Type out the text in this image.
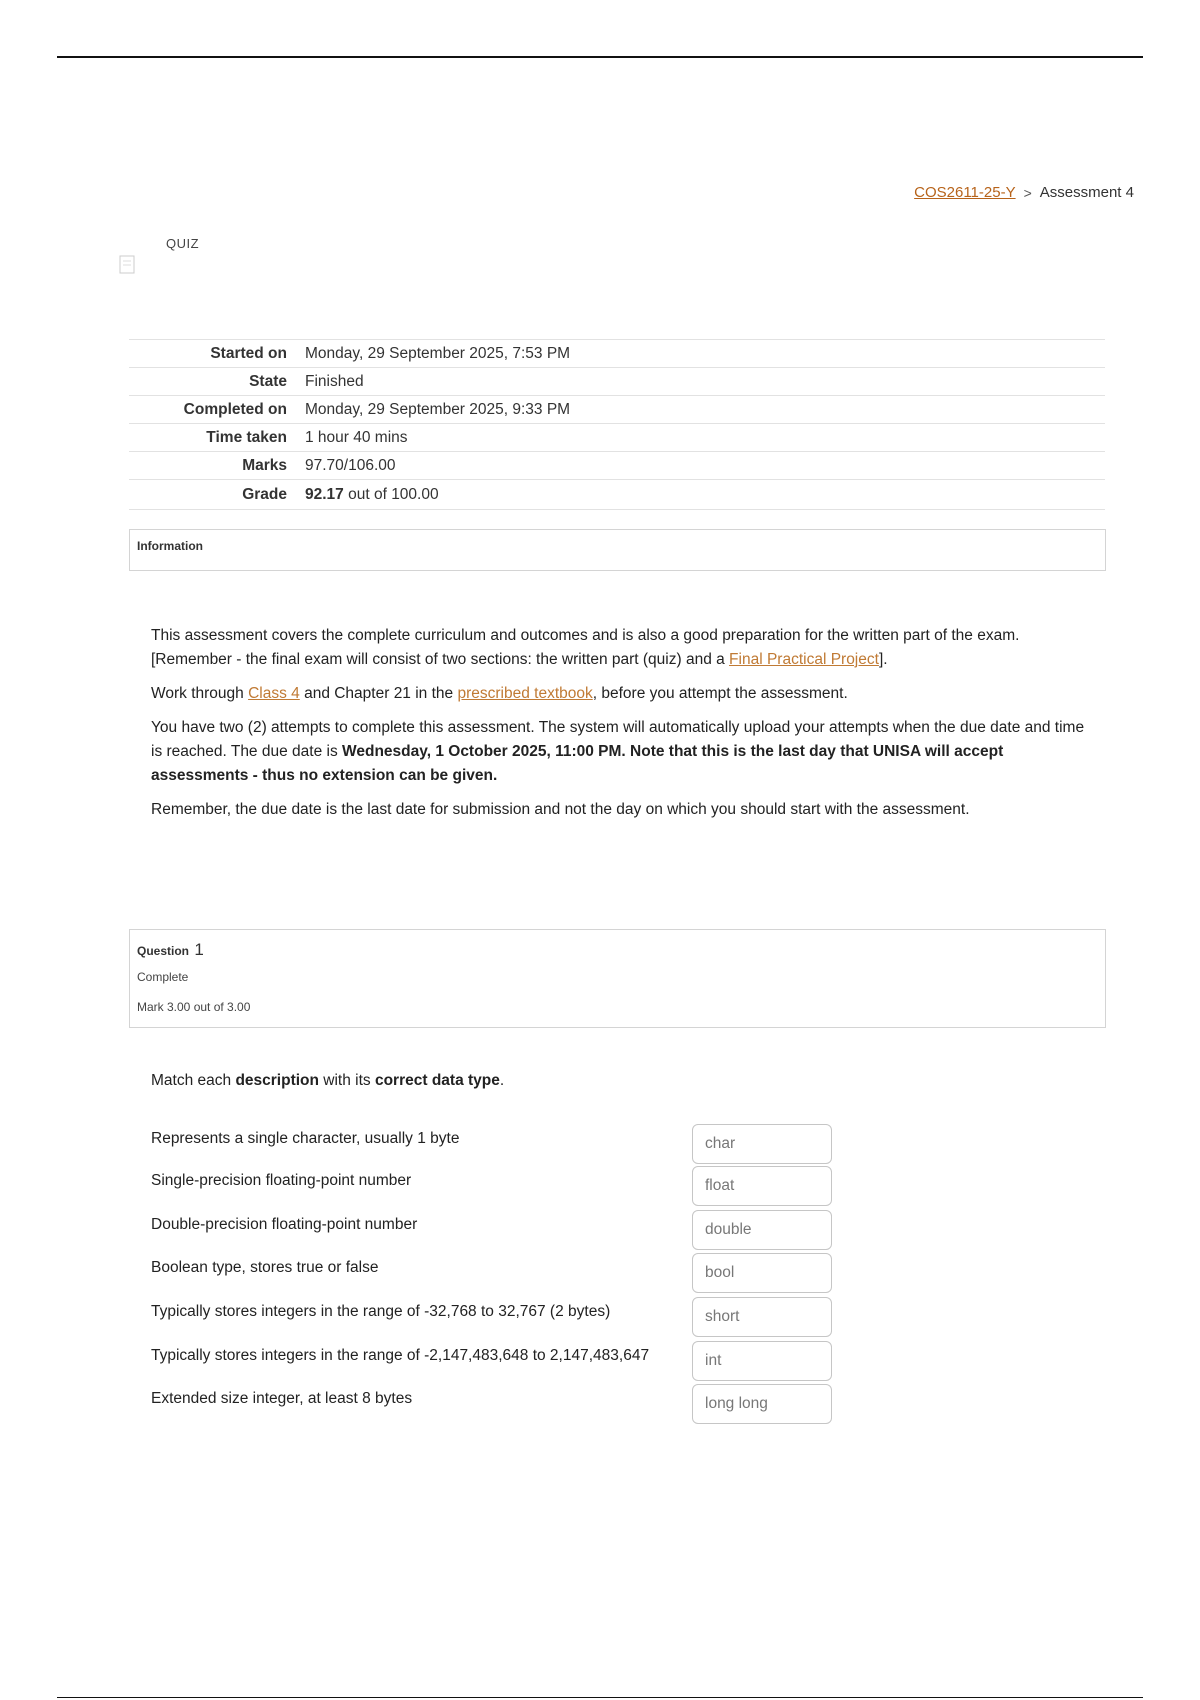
COS2611-25-Y > Assessment 4
QUIZ
Started on	Monday, 29 September 2025, 7:53 PM
State	Finished
Completed on	Monday, 29 September 2025, 9:33 PM
Time taken	1 hour 40 mins
Marks	97.70/106.00
Grade	92.17 out of 100.00
Information

This assessment covers the complete curriculum and outcomes and is also a good preparation for the written part of the exam. [Remember - the final exam will consist of two sections: the written part (quiz) and a Final Practical Project].

Work through Class 4 and Chapter 21 in the prescribed textbook, before you attempt the assessment.

You have two (2) attempts to complete this assessment. The system will automatically upload your attempts when the due date and time is reached. The due date is Wednesday, 1 October 2025, 11:00 PM. Note that this is the last day that UNISA will accept assessments - thus no extension can be given.

Remember, the due date is the last date for submission and not the day on which you should start with the assessment.

Question 1
Complete
Mark 3.00 out of 3.00
Match each description with its correct data type.
Represents a single character, usually 1 byte	char
Single-precision floating-point number	float
Double-precision floating-point number	double
Boolean type, stores true or false	bool
Typically stores integers in the range of -32,768 to 32,767 (2 bytes)	short
Typically stores integers in the range of -2,147,483,648 to 2,147,483,647	int
Extended size integer, at least 8 bytes	long long
